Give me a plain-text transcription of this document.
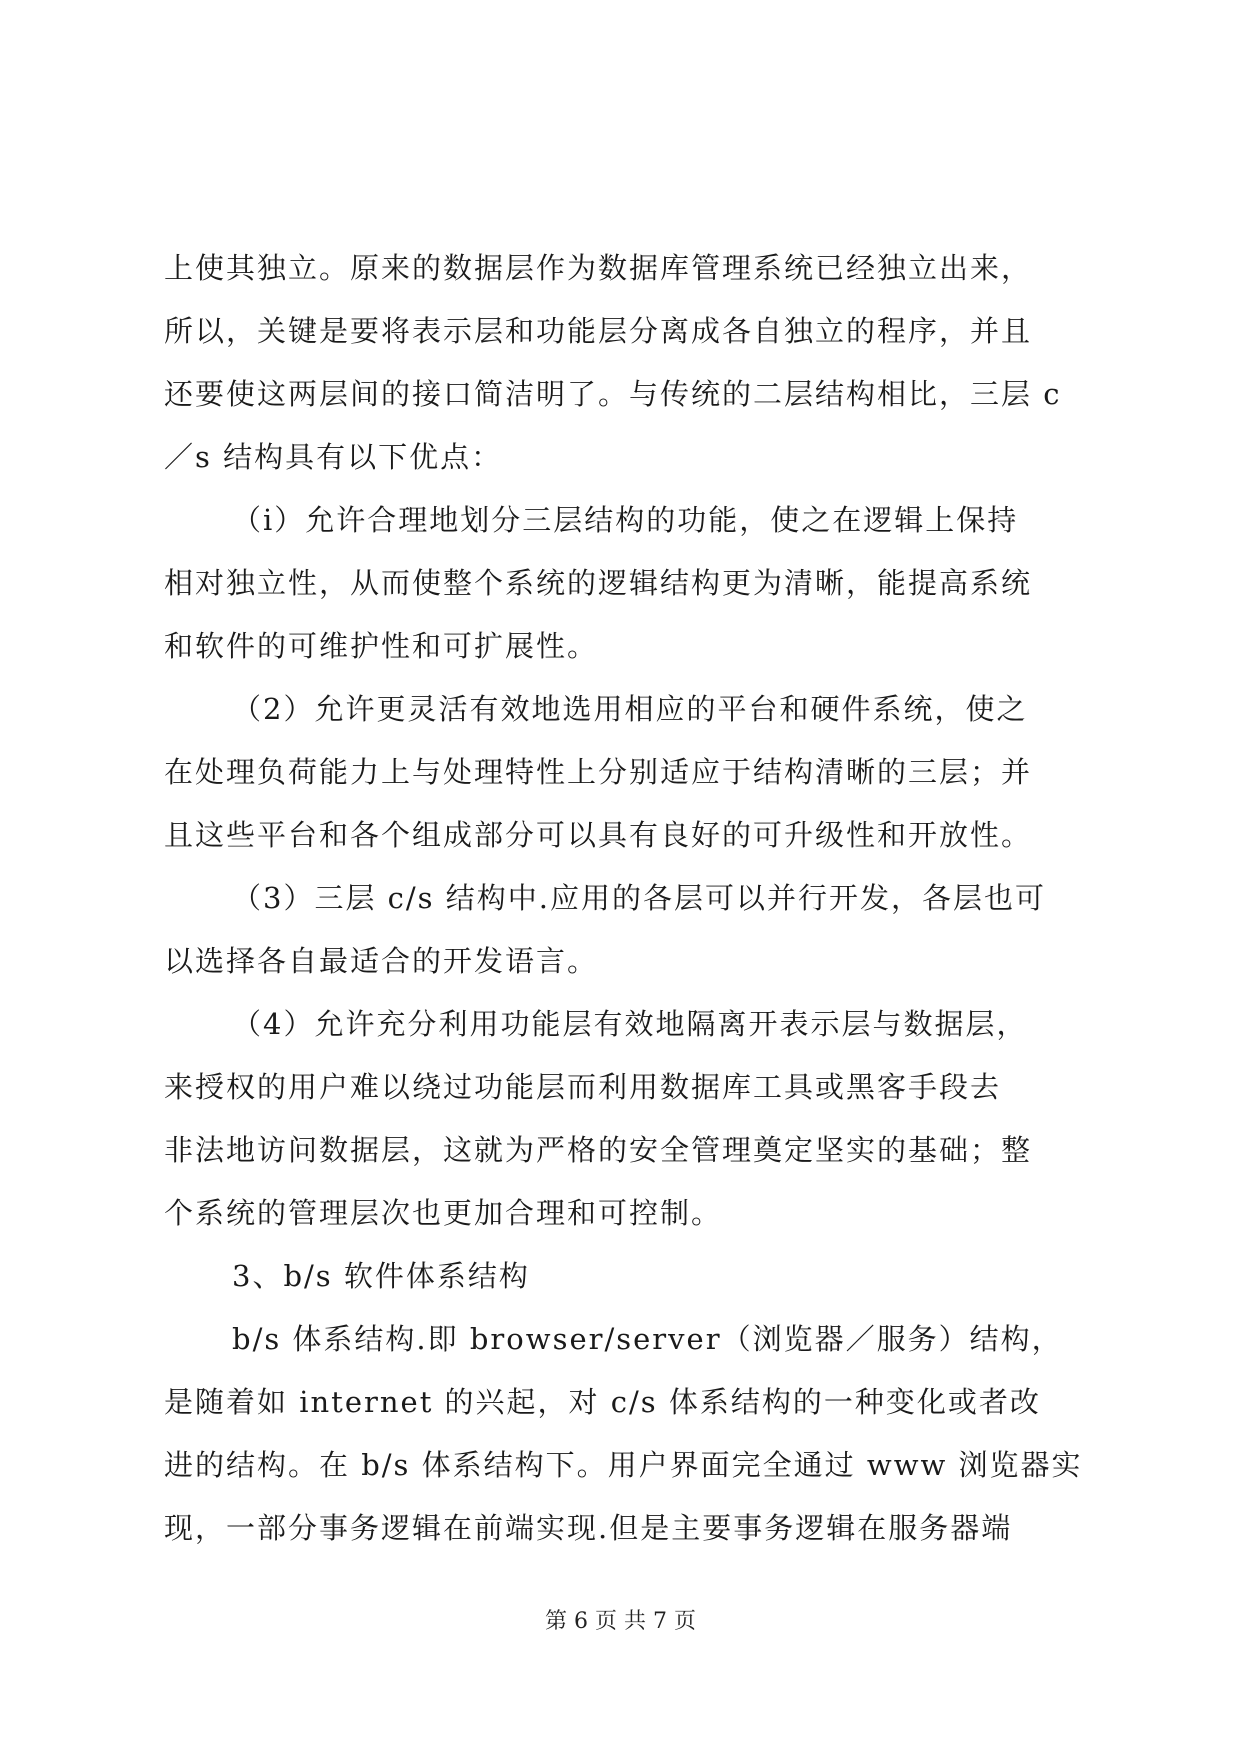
上使其独立。原来的数据层作为数据库管理系统已经独立出来，
所以，关键是要将表示层和功能层分离成各自独立的程序，并且
还要使这两层间的接口简洁明了。与传统的二层结构相比，三层 c
／s 结构具有以下优点：
（i）允许合理地划分三层结构的功能，使之在逻辑上保持
相对独立性，从而使整个系统的逻辑结构更为清晰，能提高系统
和软件的可维护性和可扩展性。
（2）允许更灵活有效地选用相应的平台和硬件系统，使之
在处理负荷能力上与处理特性上分别适应于结构清晰的三层；并
且这些平台和各个组成部分可以具有良好的可升级性和开放性。
（3）三层 c/s 结构中.应用的各层可以并行开发，各层也可
以选择各自最适合的开发语言。
（4）允许充分利用功能层有效地隔离开表示层与数据层，
来授权的用户难以绕过功能层而利用数据库工具或黑客手段去
非法地访问数据层，这就为严格的安全管理奠定坚实的基础；整
个系统的管理层次也更加合理和可控制。
3、b/s 软件体系结构
b/s 体系结构.即 browser/server（浏览器／服务）结构，
是随着如 internet 的兴起，对 c/s 体系结构的一种变化或者改
进的结构。在 b/s 体系结构下。用户界面完全通过 www 浏览器实
现，一部分事务逻辑在前端实现.但是主要事务逻辑在服务器端
第 6 页 共 7 页
